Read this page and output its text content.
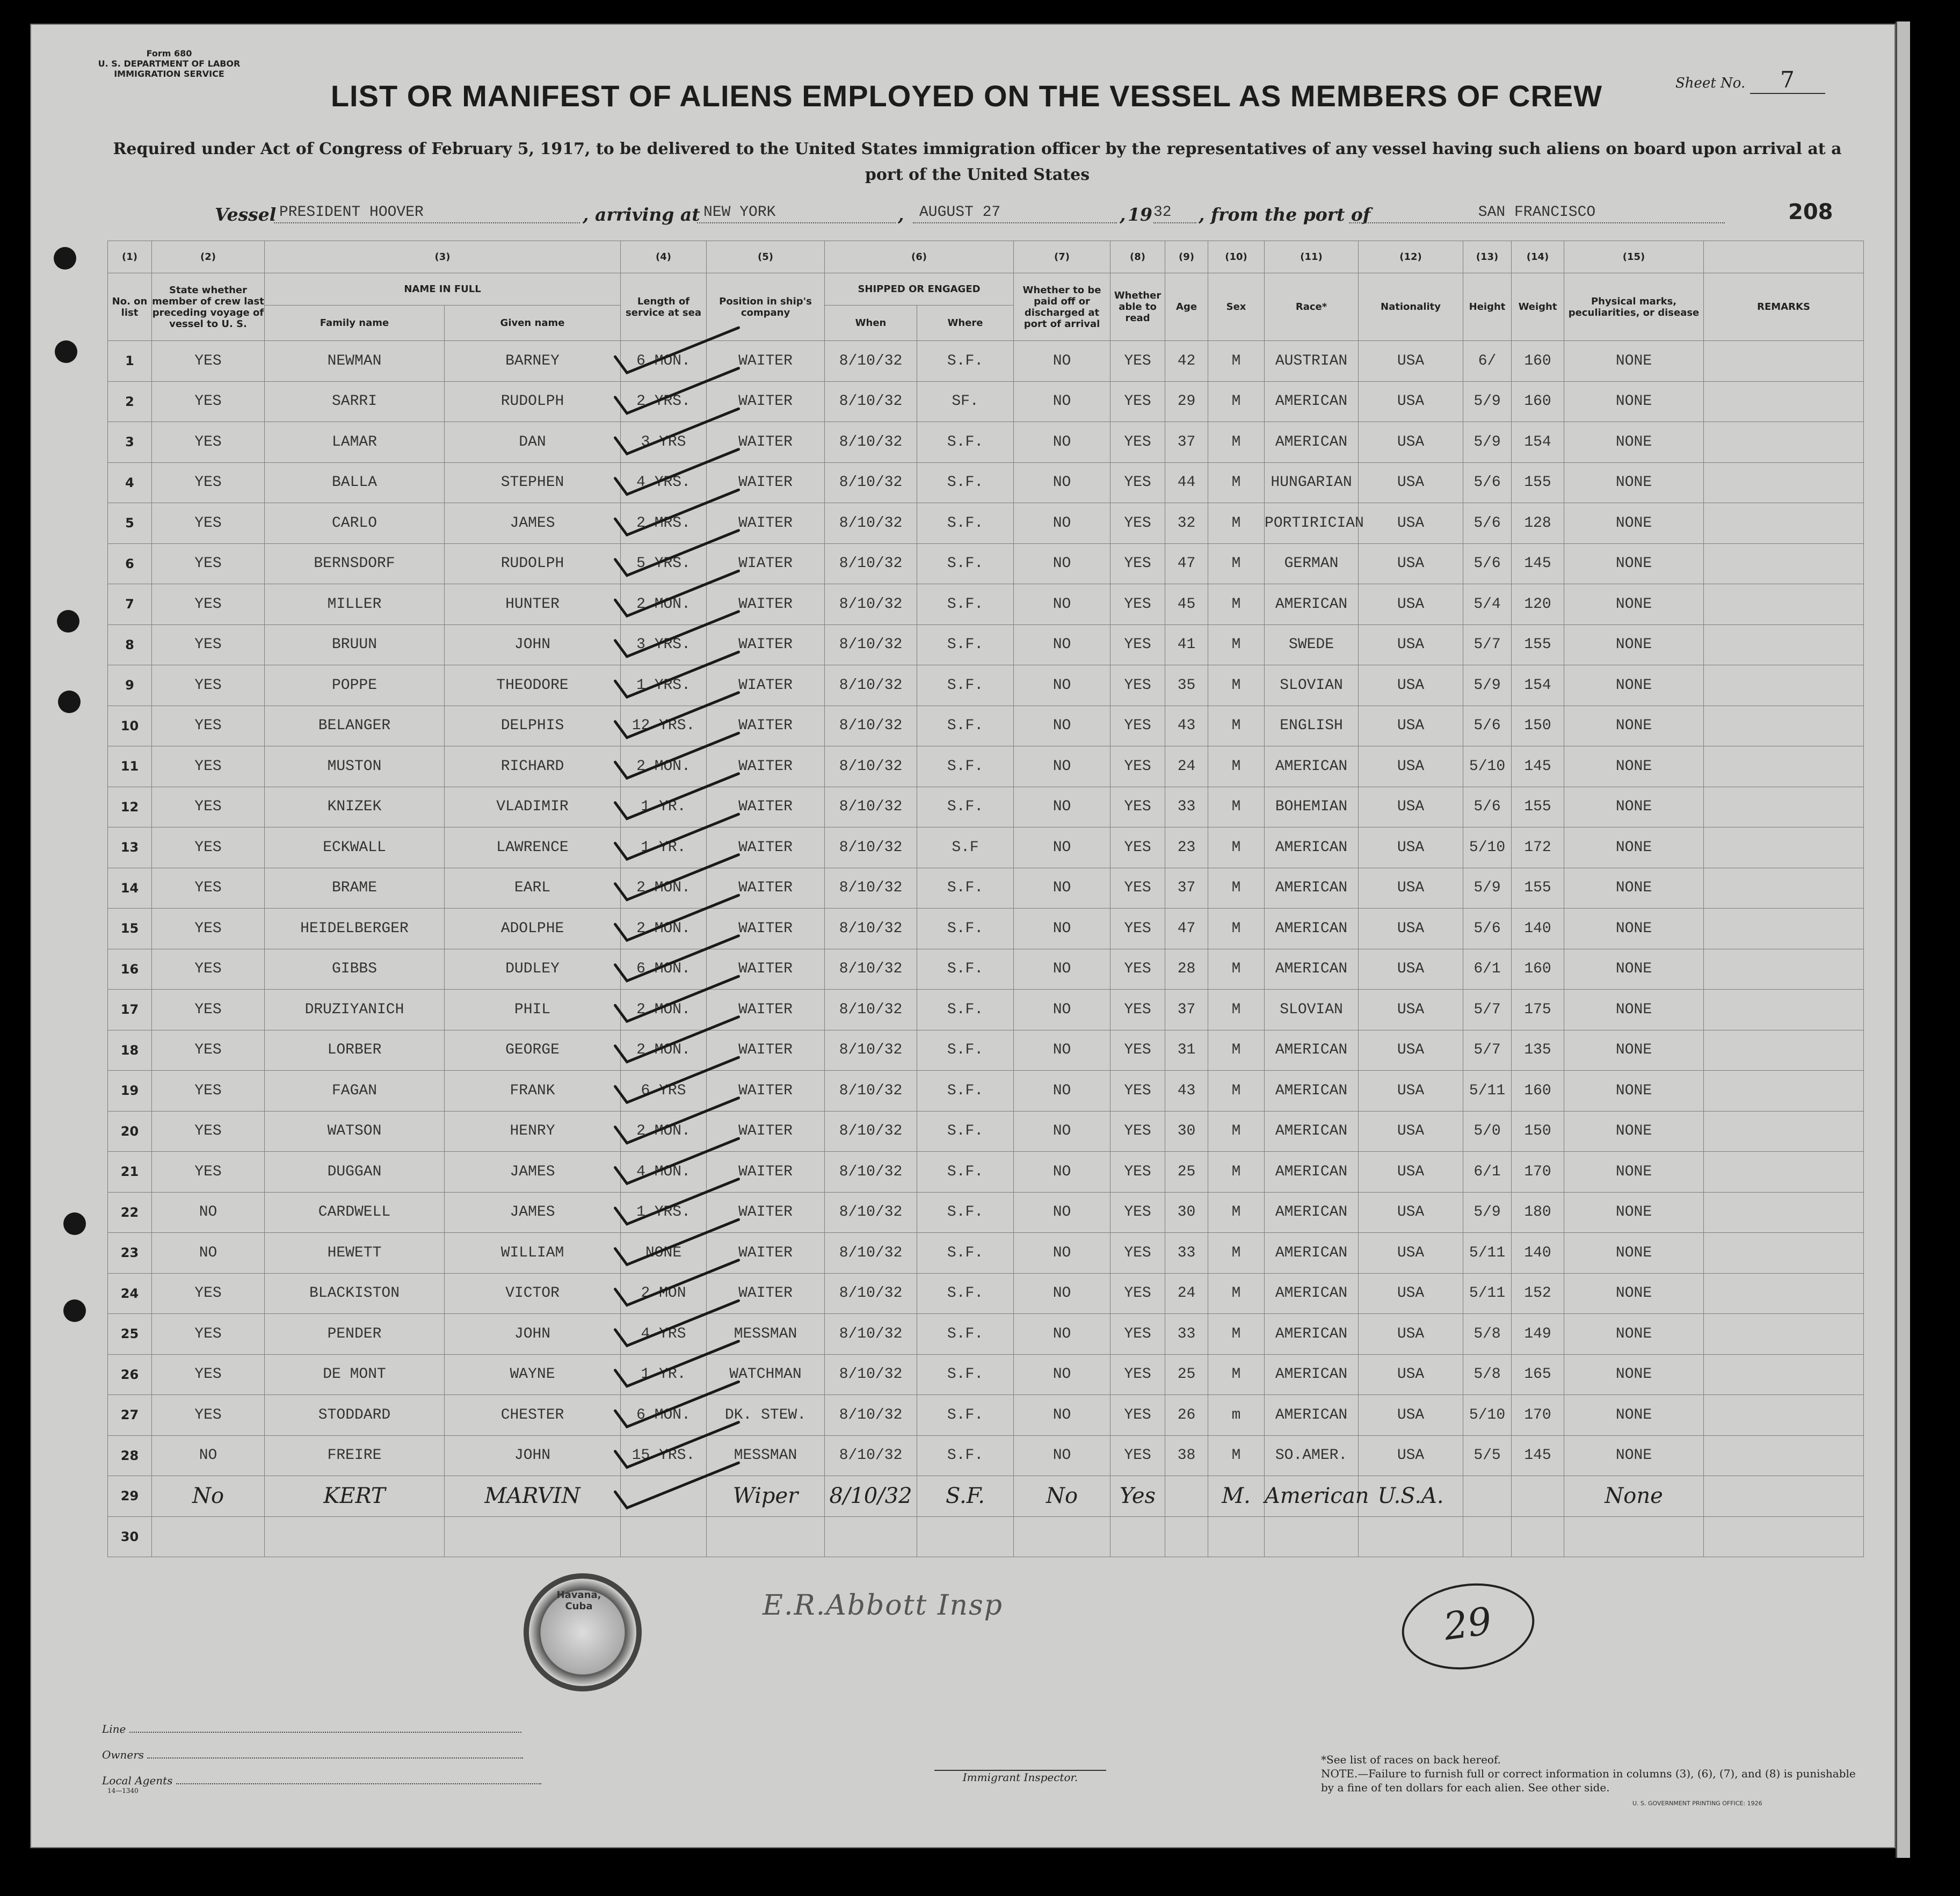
Form 680
U. S. DEPARTMENT OF LABOR
IMMIGRATION SERVICE
Sheet No. 7
LIST OR MANIFEST OF ALIENS EMPLOYED ON THE VESSEL AS MEMBERS OF CREW
Required under Act of Congress of February 5, 1917, to be delivered to the United States immigration officer by the representatives of any vessel having such aliens on board upon arrival at a port of the United States
Vessel PRESIDENT HOOVER	, arriving at NEW YORK	,	AUGUST 27	, 19 32	, from the port of	SAN FRANCISCO	208
(1)	(2)	(3)		(4)	(5)	(6)		(7)	(8)	(9)	(10)	(11)	(12)	(13)	(14)	(15)	
No. on list	State whether member of crew last preceding voyage of vessel to U. S.	NAME IN FULL		Length of service at sea	Position in ship's company	SHIPPED OR ENGAGED		Whether to be paid off or discharged at port of arrival	Whether able to read	Age	Sex	Race*	Nationality	Height	Weight	Physical marks, peculiarities, or disease	REMARKS
		Family name	Given name			When	Where										
1	YES	NEWMAN	BARNEY	6 MON.	WAITER	8/10/32	S.F.	NO	YES	42	M	AUSTRIAN	USA	6/	160	NONE	
2	YES	SARRI	RUDOLPH	2 YRS.	WAITER	8/10/32	SF.	NO	YES	29	M	AMERICAN	USA	5/9	160	NONE	
3	YES	LAMAR	DAN	3 YRS	WAITER	8/10/32	S.F.	NO	YES	37	M	AMERICAN	USA	5/9	154	NONE	
4	YES	BALLA	STEPHEN	4 YRS.	WAITER	8/10/32	S.F.	NO	YES	44	M	HUNGARIAN	USA	5/6	155	NONE	
5	YES	CARLO	JAMES	2 MRS.	WAITER	8/10/32	S.F.	NO	YES	32	M	PORTIRICIAN	USA	5/6	128	NONE	
6	YES	BERNSDORF	RUDOLPH	5 YRS.	WIATER	8/10/32	S.F.	NO	YES	47	M	GERMAN	USA	5/6	145	NONE	
7	YES	MILLER	HUNTER	2 MON.	WAITER	8/10/32	S.F.	NO	YES	45	M	AMERICAN	USA	5/4	120	NONE	
8	YES	BRUUN	JOHN	3 YRS.	WAITER	8/10/32	S.F.	NO	YES	41	M	SWEDE	USA	5/7	155	NONE	
9	YES	POPPE	THEODORE	1 YRS.	WIATER	8/10/32	S.F.	NO	YES	35	M	SLOVIAN	USA	5/9	154	NONE	
10	YES	BELANGER	DELPHIS	12 YRS.	WAITER	8/10/32	S.F.	NO	YES	43	M	ENGLISH	USA	5/6	150	NONE	
11	YES	MUSTON	RICHARD	2 MON.	WAITER	8/10/32	S.F.	NO	YES	24	M	AMERICAN	USA	5/10	145	NONE	
12	YES	KNIZEK	VLADIMIR	1 YR.	WAITER	8/10/32	S.F.	NO	YES	33	M	BOHEMIAN	USA	5/6	155	NONE	
13	YES	ECKWALL	LAWRENCE	1 YR.	WAITER	8/10/32	S.F	NO	YES	23	M	AMERICAN	USA	5/10	172	NONE	
14	YES	BRAME	EARL	2 MON.	WAITER	8/10/32	S.F.	NO	YES	37	M	AMERICAN	USA	5/9	155	NONE	
15	YES	HEIDELBERGER	ADOLPHE	2 MON.	WAITER	8/10/32	S.F.	NO	YES	47	M	AMERICAN	USA	5/6	140	NONE	
16	YES	GIBBS	DUDLEY	6 MON.	WAITER	8/10/32	S.F.	NO	YES	28	M	AMERICAN	USA	6/1	160	NONE	
17	YES	DRUZIYANICH	PHIL	2 MON.	WAITER	8/10/32	S.F.	NO	YES	37	M	SLOVIAN	USA	5/7	175	NONE	
18	YES	LORBER	GEORGE	2 MON.	WAITER	8/10/32	S.F.	NO	YES	31	M	AMERICAN	USA	5/7	135	NONE	
19	YES	FAGAN	FRANK	6 YRS	WAITER	8/10/32	S.F.	NO	YES	43	M	AMERICAN	USA	5/11	160	NONE	
20	YES	WATSON	HENRY	2 MON.	WAITER	8/10/32	S.F.	NO	YES	30	M	AMERICAN	USA	5/0	150	NONE	
21	YES	DUGGAN	JAMES	4 MON.	WAITER	8/10/32	S.F.	NO	YES	25	M	AMERICAN	USA	6/1	170	NONE	
22	NO	CARDWELL	JAMES	1 YRS.	WAITER	8/10/32	S.F.	NO	YES	30	M	AMERICAN	USA	5/9	180	NONE	
23	NO	HEWETT	WILLIAM	NONE	WAITER	8/10/32	S.F.	NO	YES	33	M	AMERICAN	USA	5/11	140	NONE	
24	YES	BLACKISTON	VICTOR	2 MON	WAITER	8/10/32	S.F.	NO	YES	24	M	AMERICAN	USA	5/11	152	NONE	
25	YES	PENDER	JOHN	4 YRS	MESSMAN	8/10/32	S.F.	NO	YES	33	M	AMERICAN	USA	5/8	149	NONE	
26	YES	DE MONT	WAYNE	1 YR.	WATCHMAN	8/10/32	S.F.	NO	YES	25	M	AMERICAN	USA	5/8	165	NONE	
27	YES	STODDARD	CHESTER	6 MON.	DK. STEW.	8/10/32	S.F.	NO	YES	26	m	AMERICAN	USA	5/10	170	NONE	
28	NO	FREIRE	JOHN	15 YRS.	MESSMAN	8/10/32	S.F.	NO	YES	38	M	SO.AMER.	USA	5/5	145	NONE	
29	No	KERT	MARVIN		Wiper	8/10/32	S.F.	No	Yes		M.	American	U.S.A.			None	
30																	
Havana, Cuba	E.R.Abbott Insp	29
Line
Owners
Local Agents
14—1340
Immigrant Inspector.
*See list of races on back hereof.
NOTE.—Failure to furnish full or correct information in columns (3), (6), (7), and (8) is punishable by a fine of ten dollars for each alien. See other side.
U. S. GOVERNMENT PRINTING OFFICE: 1926
